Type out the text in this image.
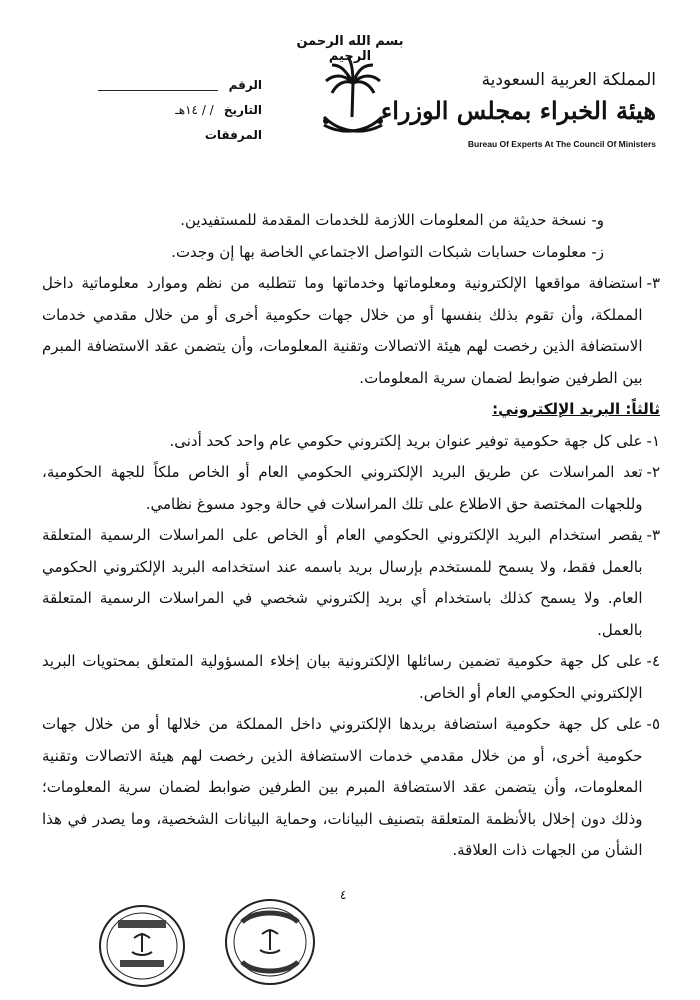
بسم الله الرحمن الرحيم
المملكة العربية السعودية
هيئة الخبراء بمجلس الوزراء
Bureau Of Experts At The Council Of Ministers
الرقم
التاريخ / / ١٤هـ
المرفقات

و- نسخة حديثة من المعلومات اللازمة للخدمات المقدمة للمستفيدين.

ز- معلومات حسابات شبكات التواصل الاجتماعي الخاصة بها إن وجدت.

٣-
استضافة مواقعها الإلكترونية ومعلوماتها وخدماتها وما تتطلبه من نظم وموارد معلوماتية داخل المملكة، وأن تقوم بذلك بنفسها أو من خلال جهات حكومية أخرى أو من خلال مقدمي خدمات الاستضافة الذين رخصت لهم هيئة الاتصالات وتقنية المعلومات، وأن يتضمن عقد الاستضافة المبرم بين الطرفين ضوابط لضمان سرية المعلومات.

ثالثاً: البريد الإلكتروني:

١-
على كل جهة حكومية توفير عنوان بريد إلكتروني حكومي عام واحد كحد أدنى.
٢-
تعد المراسلات عن طريق البريد الإلكتروني الحكومي العام أو الخاص ملكاً للجهة الحكومية، وللجهات المختصة حق الاطلاع على تلك المراسلات في حالة وجود مسوغ نظامي.
٣-
يقصر استخدام البريد الإلكتروني الحكومي العام أو الخاص على المراسلات الرسمية المتعلقة بالعمل فقط، ولا يسمح للمستخدم بإرسال بريد باسمه عند استخدامه البريد الإلكتروني الحكومي العام. ولا يسمح كذلك باستخدام أي بريد إلكتروني شخصي في المراسلات الرسمية المتعلقة بالعمل.
٤-
على كل جهة حكومية تضمين رسائلها الإلكترونية بيان إخلاء المسؤولية المتعلق بمحتويات البريد الإلكتروني الحكومي العام أو الخاص.
٥-
على كل جهة حكومية استضافة بريدها الإلكتروني داخل المملكة من خلالها أو من خلال جهات حكومية أخرى، أو من خلال مقدمي خدمات الاستضافة الذين رخصت لهم هيئة الاتصالات وتقنية المعلومات، وأن يتضمن عقد الاستضافة المبرم بين الطرفين ضوابط لضمان سرية المعلومات؛ وذلك دون إخلال بالأنظمة المتعلقة بتصنيف البيانات، وحماية البيانات الشخصية، وما يصدر في هذا الشأن من الجهات ذات العلاقة.
٤
